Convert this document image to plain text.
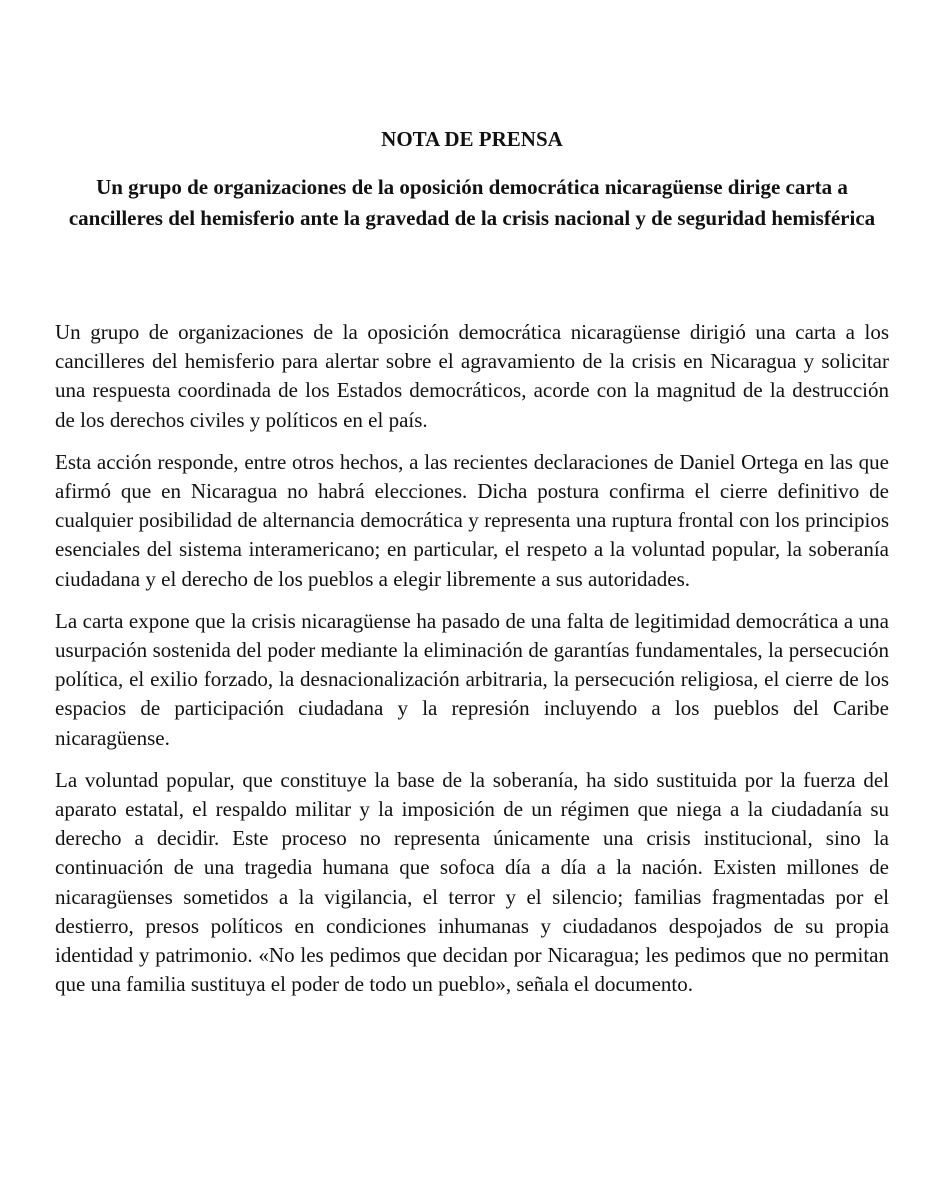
NOTA DE PRENSA
Un grupo de organizaciones de la oposición democrática nicaragüense dirige carta a cancilleres del hemisferio ante la gravedad de la crisis nacional y de seguridad hemisférica

Un grupo de organizaciones de la oposición democrática nicaragüense dirigió una carta a los cancilleres del hemisferio para alertar sobre el agravamiento de la crisis en Nicaragua y solicitar una respuesta coordinada de los Estados democráticos, acorde con la magnitud de la destrucción de los derechos civiles y políticos en el país.

Esta acción responde, entre otros hechos, a las recientes declaraciones de Daniel Ortega en las que afirmó que en Nicaragua no habrá elecciones. Dicha postura confirma el cierre definitivo de cualquier posibilidad de alternancia democrática y representa una ruptura frontal con los principios esenciales del sistema interamericano; en particular, el respeto a la voluntad popular, la soberanía ciudadana y el derecho de los pueblos a elegir libremente a sus autoridades.

La carta expone que la crisis nicaragüense ha pasado de una falta de legitimidad democrática a una usurpación sostenida del poder mediante la eliminación de garantías fundamentales, la persecución política, el exilio forzado, la desnacionalización arbitraria, la persecución religiosa, el cierre de los espacios de participación ciudadana y la represión incluyendo a los pueblos del Caribe nicaragüense.

La voluntad popular, que constituye la base de la soberanía, ha sido sustituida por la fuerza del aparato estatal, el respaldo militar y la imposición de un régimen que niega a la ciudadanía su derecho a decidir. Este proceso no representa únicamente una crisis institucional, sino la continuación de una tragedia humana que sofoca día a día a la nación. Existen millones de nicaragüenses sometidos a la vigilancia, el terror y el silencio; familias fragmentadas por el destierro, presos políticos en condiciones inhumanas y ciudadanos despojados de su propia identidad y patrimonio. «No les pedimos que decidan por Nicaragua; les pedimos que no permitan que una familia sustituya el poder de todo un pueblo», señala el documento.
